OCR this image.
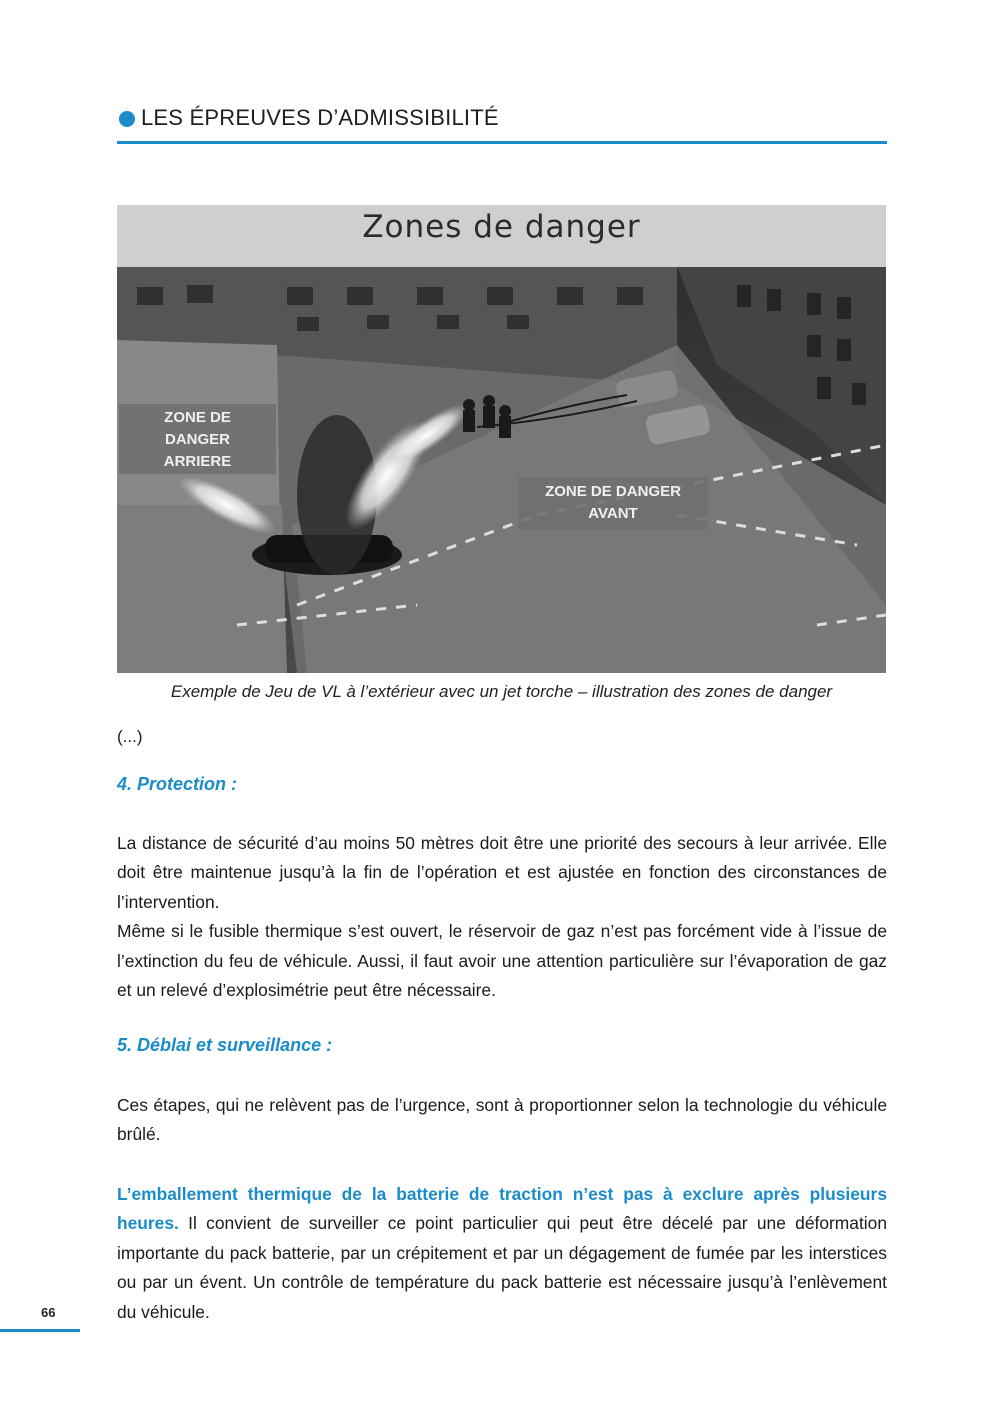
LES ÉPREUVES D’ADMISSIBILITÉ
Zones de danger
ZONE DE
DANGER
ARRIERE
ZONE DE DANGER
AVANT
Exemple de Jeu de VL à l’extérieur avec un jet torche – illustration des zones de danger
(...)
4. Protection :

La distance de sécurité d’au moins 50 mètres doit être une priorité des secours à leur arrivée. Elle doit être maintenue jusqu’à la fin de l’opération et est ajustée en fonction des circonstances de l’intervention.

Même si le fusible thermique s’est ouvert, le réservoir de gaz n’est pas forcément vide à l’issue de l’extinction du feu de véhicule. Aussi, il faut avoir une attention particulière sur l’évaporation de gaz et un relevé d’explosimétrie peut être nécessaire.

5. Déblai et surveillance :

Ces étapes, qui ne relèvent pas de l’urgence, sont à proportionner selon la technologie du véhicule brûlé.

L’emballement thermique de la batterie de traction n’est pas à exclure après plusieurs heures. Il convient de surveiller ce point particulier qui peut être décelé par une déformation importante du pack batterie, par un crépitement et par un dégagement de fumée par les interstices ou par un évent. Un contrôle de température du pack batterie est nécessaire jusqu’à l’enlèvement du véhicule.

66
